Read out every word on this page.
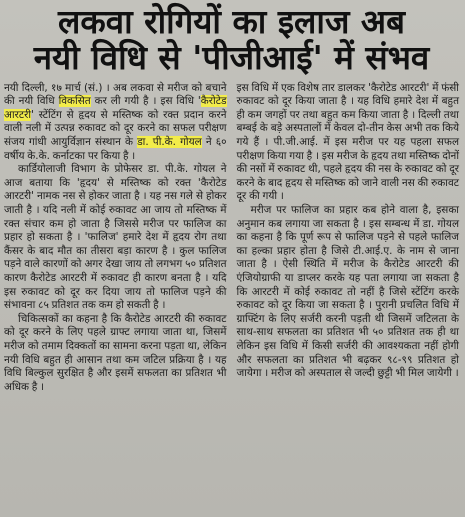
लकवा रोगियों का इलाज अब
नयी विधि से 'पीजीआई' में संभव

नयी दिल्ली, १७ मार्च (सं.) । अब लकवा से मरीज को बचाने की नयी विधि विकसित कर ली गयी है । इस विधि 'कैरोटेड आरटरी' स्टेंटिंग से हृदय से मस्तिष्क को रक्त प्रदान करने वाली नली में उत्पन्न रुकावट को दूर करने का सफल परीक्षण संजय गांधी आयुर्विज्ञान संस्थान के डा. पी.के. गोयल ने ६० वर्षीय के.के. कर्नाटका पर किया है ।

कार्डियोलाजी विभाग के प्रोफेसर डा. पी.के. गोयल ने आज बताया कि 'हृदय' से मस्तिष्क को रक्त 'कैरोटेड आरटरी' नामक नस से होकर जाता है । यह नस गले से होकर जाती है । यदि नली में कोई रुकावट आ जाय तो मस्तिष्क में रक्त संचार कम हो जाता है जिससे मरीज पर फालिज का प्रहार हो सकता है । 'फालिज' हमारे देश में हृदय रोग तथा कैंसर के बाद मौत का तीसरा बड़ा कारण है । कुल फालिज पड़ने वाले कारणों को अगर देखा जाय तो लगभग ५० प्रतिशत कारण कैरोटेड आरटरी में रुकावट ही कारण बनता है । यदि इस रुकावट को दूर कर दिया जाय तो फालिज पड़ने की संभावना ८५ प्रतिशत तक कम हो सकती है ।

चिकित्सकों का कहना है कि कैरोटेड आरटरी की रुकावट को दूर करने के लिए पहले ग्राफ्ट लगाया जाता था, जिसमें मरीज को तमाम दिक्कतों का सामना करना पड़ता था, लेकिन नयी विधि बहुत ही आसान तथा कम जटिल प्रक्रिया है । यह विधि बिल्कुल सुरक्षित है और इसमें सफलता का प्रतिशत भी अधिक है ।

इस विधि में एक विशेष तार डालकर 'कैरोटेड आरटरी' में फंसी रुकावट को दूर किया जाता है । यह विधि हमारे देश में बहुत ही कम जगहों पर तथा बहुत कम किया जाता है । दिल्ली तथा बम्बई के बड़े अस्पतालों में केवल दो-तीन केस अभी तक किये गये हैं । पी.जी.आई. में इस मरीज पर यह पहला सफल परीक्षण किया गया है । इस मरीज के हृदय तथा मस्तिष्क दोनों की नसों में रुकावट थी, पहले हृदय की नस के रुकावट को दूर करने के बाद हृदय से मस्तिष्क को जाने वाली नस की रुकावट दूर की गयी ।

मरीज पर फालिज का प्रहार कब होने वाला है, इसका अनुमान कब लगाया जा सकता है । इस सम्बन्ध में डा. गोयल का कहना है कि पूर्ण रूप से फालिज पड़ने से पहले फालिज का हल्का प्रहार होता है जिसे टी.आई.ए. के नाम से जाना जाता है । ऐसी स्थिति में मरीज के कैरोटेड आरटरी की एंजियोग्राफी या डाप्लर करके यह पता लगाया जा सकता है कि आरटरी में कोई रुकावट तो नहीं है जिसे स्टेंटिंग करके रुकावट को दूर किया जा सकता है । पुरानी प्रचलित विधि में ग्राफ्टिंग के लिए सर्जरी करनी पड़ती थी जिसमें जटिलता के साथ-साथ सफलता का प्रतिशत भी ५० प्रतिशत तक ही था लेकिन इस विधि में किसी सर्जरी की आवश्यकता नहीं होगी और सफलता का प्रतिशत भी बढ़कर ९८-९९ प्रतिशत हो जायेगा । मरीज को अस्पताल से जल्दी छुट्टी भी मिल जायेगी ।
